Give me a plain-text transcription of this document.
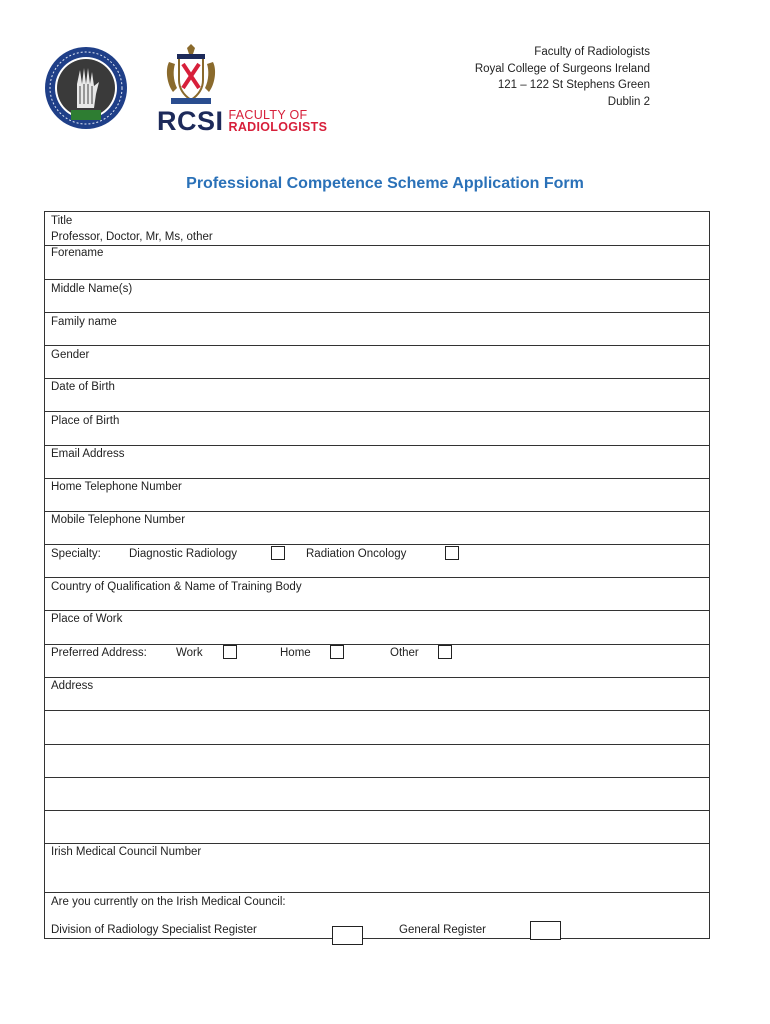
RCSI FACULTY OF
RADIOLOGISTS
Faculty of Radiologists
Royal College of Surgeons Ireland
121 – 122 St Stephens Green
Dublin 2
Professional Competence Scheme Application Form
Title
Professor, Doctor, Mr, Ms, other
Forename
Middle Name(s)
Family name
Gender
Date of Birth
Place of Birth
Email Address
Home Telephone Number
Mobile Telephone Number
Specialty: Diagnostic Radiology	Radiation Oncology
Country of Qualification & Name of Training Body
Place of Work
Preferred Address:	Work	Home	Other
Address
Irish Medical Council Number
Are you currently on the Irish Medical Council:
Division of Radiology Specialist Register	General Register
